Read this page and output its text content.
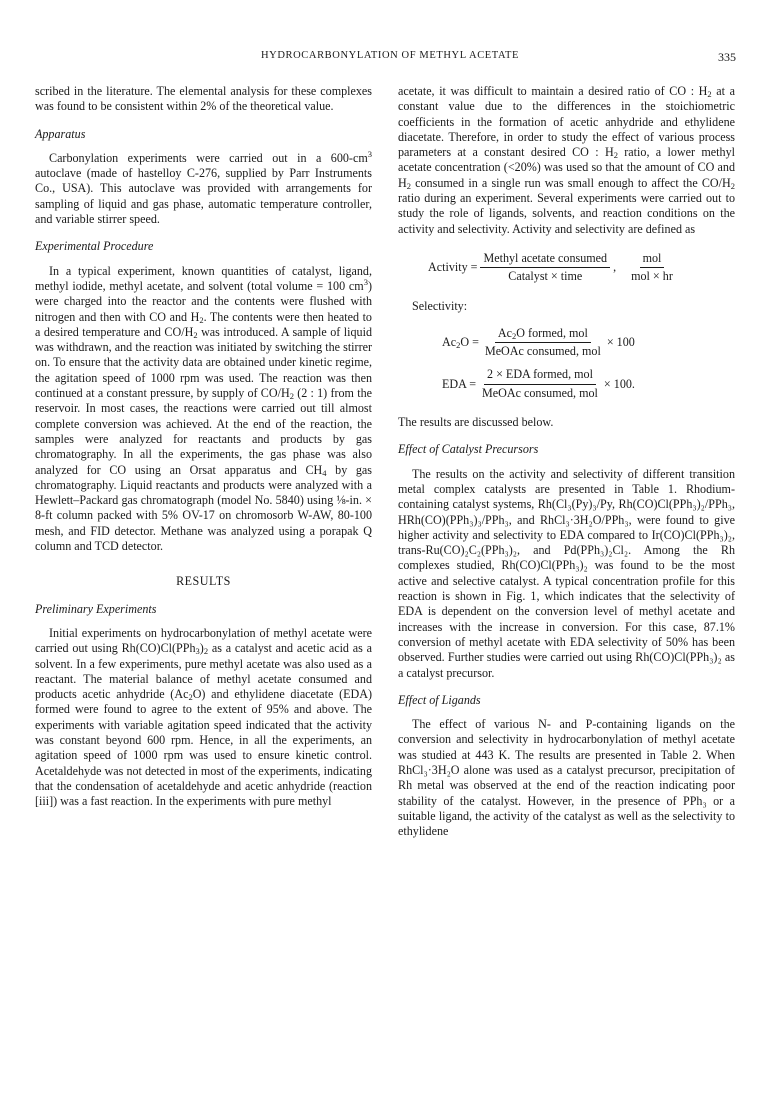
HYDROCARBONYLATION OF METHYL ACETATE	335

scribed in the literature. The elemental analysis for these complexes was found to be consistent within 2% of the theoretical value.

Apparatus

Carbonylation experiments were carried out in a $600-cm^3$ autoclave (made of hastelloy C-276, supplied by Parr Instruments Co., USA). This autoclave was provided with arrangements for sampling of liquid and gas phase, automatic temperature controller, and variable stirrer speed.

Experimental Procedure

In a typical experiment, known quantities of catalyst, ligand, methyl iodide, methyl acetate, and solvent (total volume = 100 $cm^3$) were charged into the reactor and the contents were flushed with nitrogen and then with CO and $H_2$. The contents were then heated to a desired temperature and $CO/H_2$ was introduced. A sample of liquid was withdrawn, and the reaction was initiated by switching the stirrer on. To ensure that the activity data are obtained under kinetic regime, the agitation speed of 1000 rpm was used. The reaction was then continued at a constant pressure, by supply of $CO/H_2$ (2 : 1) from the reservoir. In most cases, the reactions were carried out till almost complete conversion was achieved. At the end of the reaction, the samples were analyzed for reactants and products by gas chromatography. In all the experiments, the gas phase was also analyzed for CO using an Orsat apparatus and $CH_4$ by gas chromatography. Liquid reactants and products were analyzed with a Hewlett–Packard gas chromatograph (model No. 5840) using ⅛-in. × 8-ft column packed with 5% OV-17 on chromosorb W-AW, 80-100 mesh, and FID detector. Methane was analyzed using a porapak Q column and TCD detector.

RESULTS
Preliminary Experiments

Initial experiments on hydrocarbonylation of methyl acetate were carried out using $Rh(CO)Cl(PPh_3)_2$ as a catalyst and acetic acid as a solvent. In a few experiments, pure methyl acetate was also used as a reactant. The material balance of methyl acetate consumed and products acetic anhydride $(Ac_2O)$ and ethylidene diacetate (EDA) formed were found to agree to the extent of 95% and above. The experiments with variable agitation speed indicated that the activity was constant beyond 600 rpm. Hence, in all the experiments, an agitation speed of 1000 rpm was used to ensure kinetic control. Acetaldehyde was not detected in most of the experiments, indicating that the condensation of acetaldehyde and acetic anhydride (reaction [iii]) was a fast reaction. In the experiments with pure methyl

acetate, it was difficult to maintain a desired ratio of CO : $H_2$ at a constant value due to the differences in the stoichiometric coefficients in the formation of acetic anhydride and ethylidene diacetate. Therefore, in order to study the effect of various process parameters at a constant desired CO : $H_2$ ratio, a lower methyl acetate concentration (<20%) was used so that the amount of CO and $H_2$ consumed in a single run was small enough to affect the $CO/H_2$ ratio during an experiment. Several experiments were carried out to study the role of ligands, solvents, and reaction conditions on the activity and selectivity. Activity and selectivity are defined as

Activity = $\frac{\text{Methyl acetate consumed}}{\text{Catalyst × time}}$ , $\frac{\text{mol}}{\text{mol × hr}}$
Selectivity:
$Ac_2O = \frac{Ac_2O formed, mol}{\text{MeOAc consumed, mol}} \times 100$
EDA = $\frac{\text{2 × EDA formed, mol}}{\text{MeOAc consumed, mol}} \times 100$.

The results are discussed below.

Effect of Catalyst Precursors

The results on the activity and selectivity of different transition metal complex catalysts are presented in Table 1. Rhodium-containing catalyst systems, Rh(Cl₃(Py)₃/Py, Rh(CO)Cl(PPh₃)₂/PPh₃, HRh(CO)(PPh₃)₃/PPh₃, and RhCl₃·3H₂O/PPh₃, were found to give higher activity and selectivity to EDA compared to Ir(CO)Cl(PPh₃)₂, trans-Ru(CO)₂C₂(PPh₃)₂, and Pd(PPh₃)₂Cl₂. Among the Rh complexes studied, Rh(CO)Cl(PPh₃)₂ was found to be the most active and selective catalyst. A typical concentration profile for this reaction is shown in Fig. 1, which indicates that the selectivity of EDA is dependent on the conversion level of methyl acetate and increases with the increase in conversion. For this case, 87.1% conversion of methyl acetate with EDA selectivity of 50% has been observed. Further studies were carried out using Rh(CO)Cl(PPh₃)₂ as a catalyst precursor.

Effect of Ligands

The effect of various N- and P-containing ligands on the conversion and selectivity in hydrocarbonylation of methyl acetate was studied at 443 K. The results are presented in Table 2. When RhCl₃·3H₂O alone was used as a catalyst precursor, precipitation of Rh metal was observed at the end of the reaction indicating poor stability of the catalyst. However, in the presence of PPh₃ or a suitable ligand, the activity of the catalyst as well as the selectivity to ethylidene
